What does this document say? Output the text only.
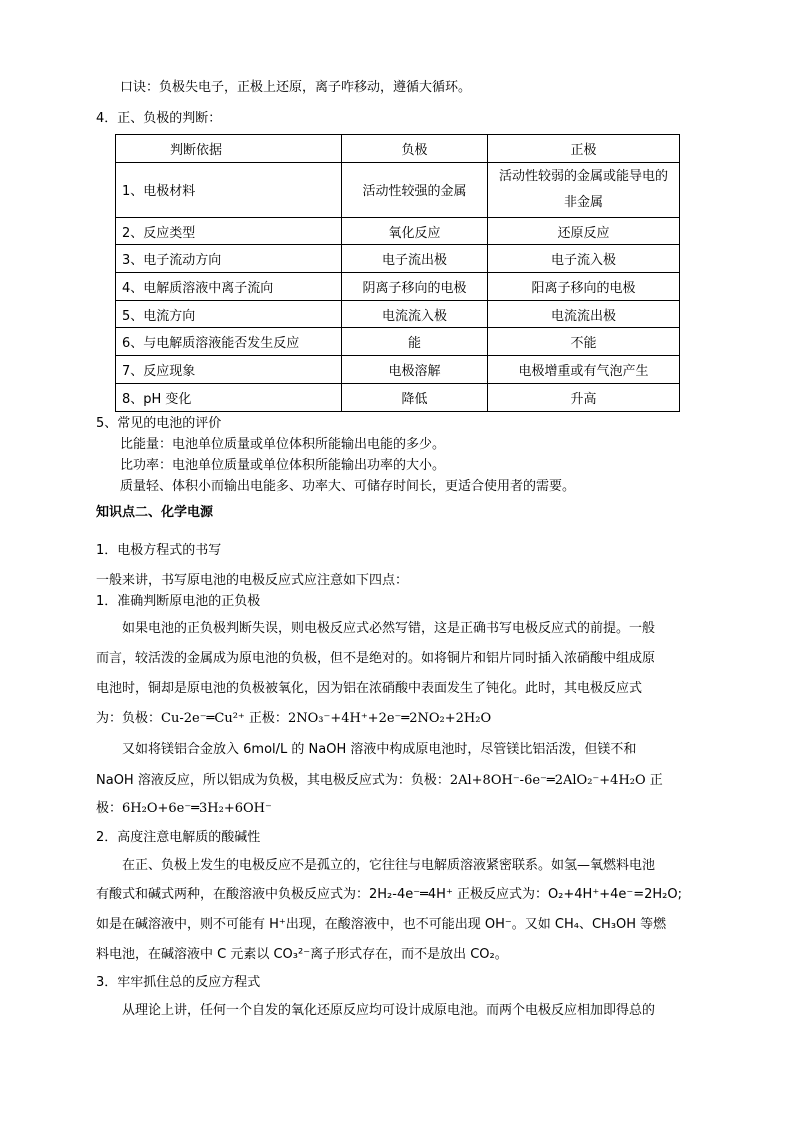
口诀：负极失电子，正极上还原，离子咋移动，遵循大循环。
4．正、负极的判断：
判断依据	负极	正极
1、电极材料	活动性较强的金属	活动性较弱的金属或能导电的非金属
2、反应类型	氧化反应	还原反应
3、电子流动方向	电子流出极	电子流入极
4、电解质溶液中离子流向	阴离子移向的电极	阳离子移向的电极
5、电流方向	电流流入极	电流流出极
6、与电解质溶液能否发生反应	能	不能
7、反应现象	电极溶解	电极增重或有气泡产生
8、pH 变化	降低	升高
5、常见的电池的评价
比能量：电池单位质量或单位体积所能输出电能的多少。
比功率：电池单位质量或单位体积所能输出功率的大小。
质量轻、体积小而输出电能多、功率大、可储存时间长，更适合使用者的需要。
知识点二、化学电源
1．电极方程式的书写
一般来讲，书写原电池的电极反应式应注意如下四点：
1．准确判断原电池的正负极
如果电池的正负极判断失误，则电极反应式必然写错，这是正确书写电极反应式的前提。一般
而言，较活泼的金属成为原电池的负极，但不是绝对的。如将铜片和铝片同时插入浓硝酸中组成原
电池时，铜却是原电池的负极被氧化，因为铝在浓硝酸中表面发生了钝化。此时，其电极反应式
为：负极：Cu-2e⁻═Cu²⁺ 正极：2NO₃⁻+4H⁺+2e⁻═2NO₂+2H₂O
又如将镁铝合金放入 6mol/L 的 NaOH 溶液中构成原电池时，尽管镁比铝活泼，但镁不和
NaOH 溶液反应，所以铝成为负极，其电极反应式为：负极：2Al+8OH⁻-6e⁻═2AlO₂⁻+4H₂O 正
极：6H₂O+6e⁻═3H₂+6OH⁻
2．高度注意电解质的酸碱性
在正、负极上发生的电极反应不是孤立的，它往往与电解质溶液紧密联系。如氢—氧燃料电池
有酸式和碱式两种，在酸溶液中负极反应式为：2H₂-4e⁻═4H⁺ 正极反应式为：O₂+4H⁺+4e⁻=2H₂O;
如是在碱溶液中，则不可能有 H⁺出现，在酸溶液中，也不可能出现 OH⁻。又如 CH₄、CH₃OH 等燃
料电池，在碱溶液中 C 元素以 CO₃²⁻离子形式存在，而不是放出 CO₂。
3．牢牢抓住总的反应方程式
从理论上讲，任何一个自发的氧化还原反应均可设计成原电池。而两个电极反应相加即得总的
